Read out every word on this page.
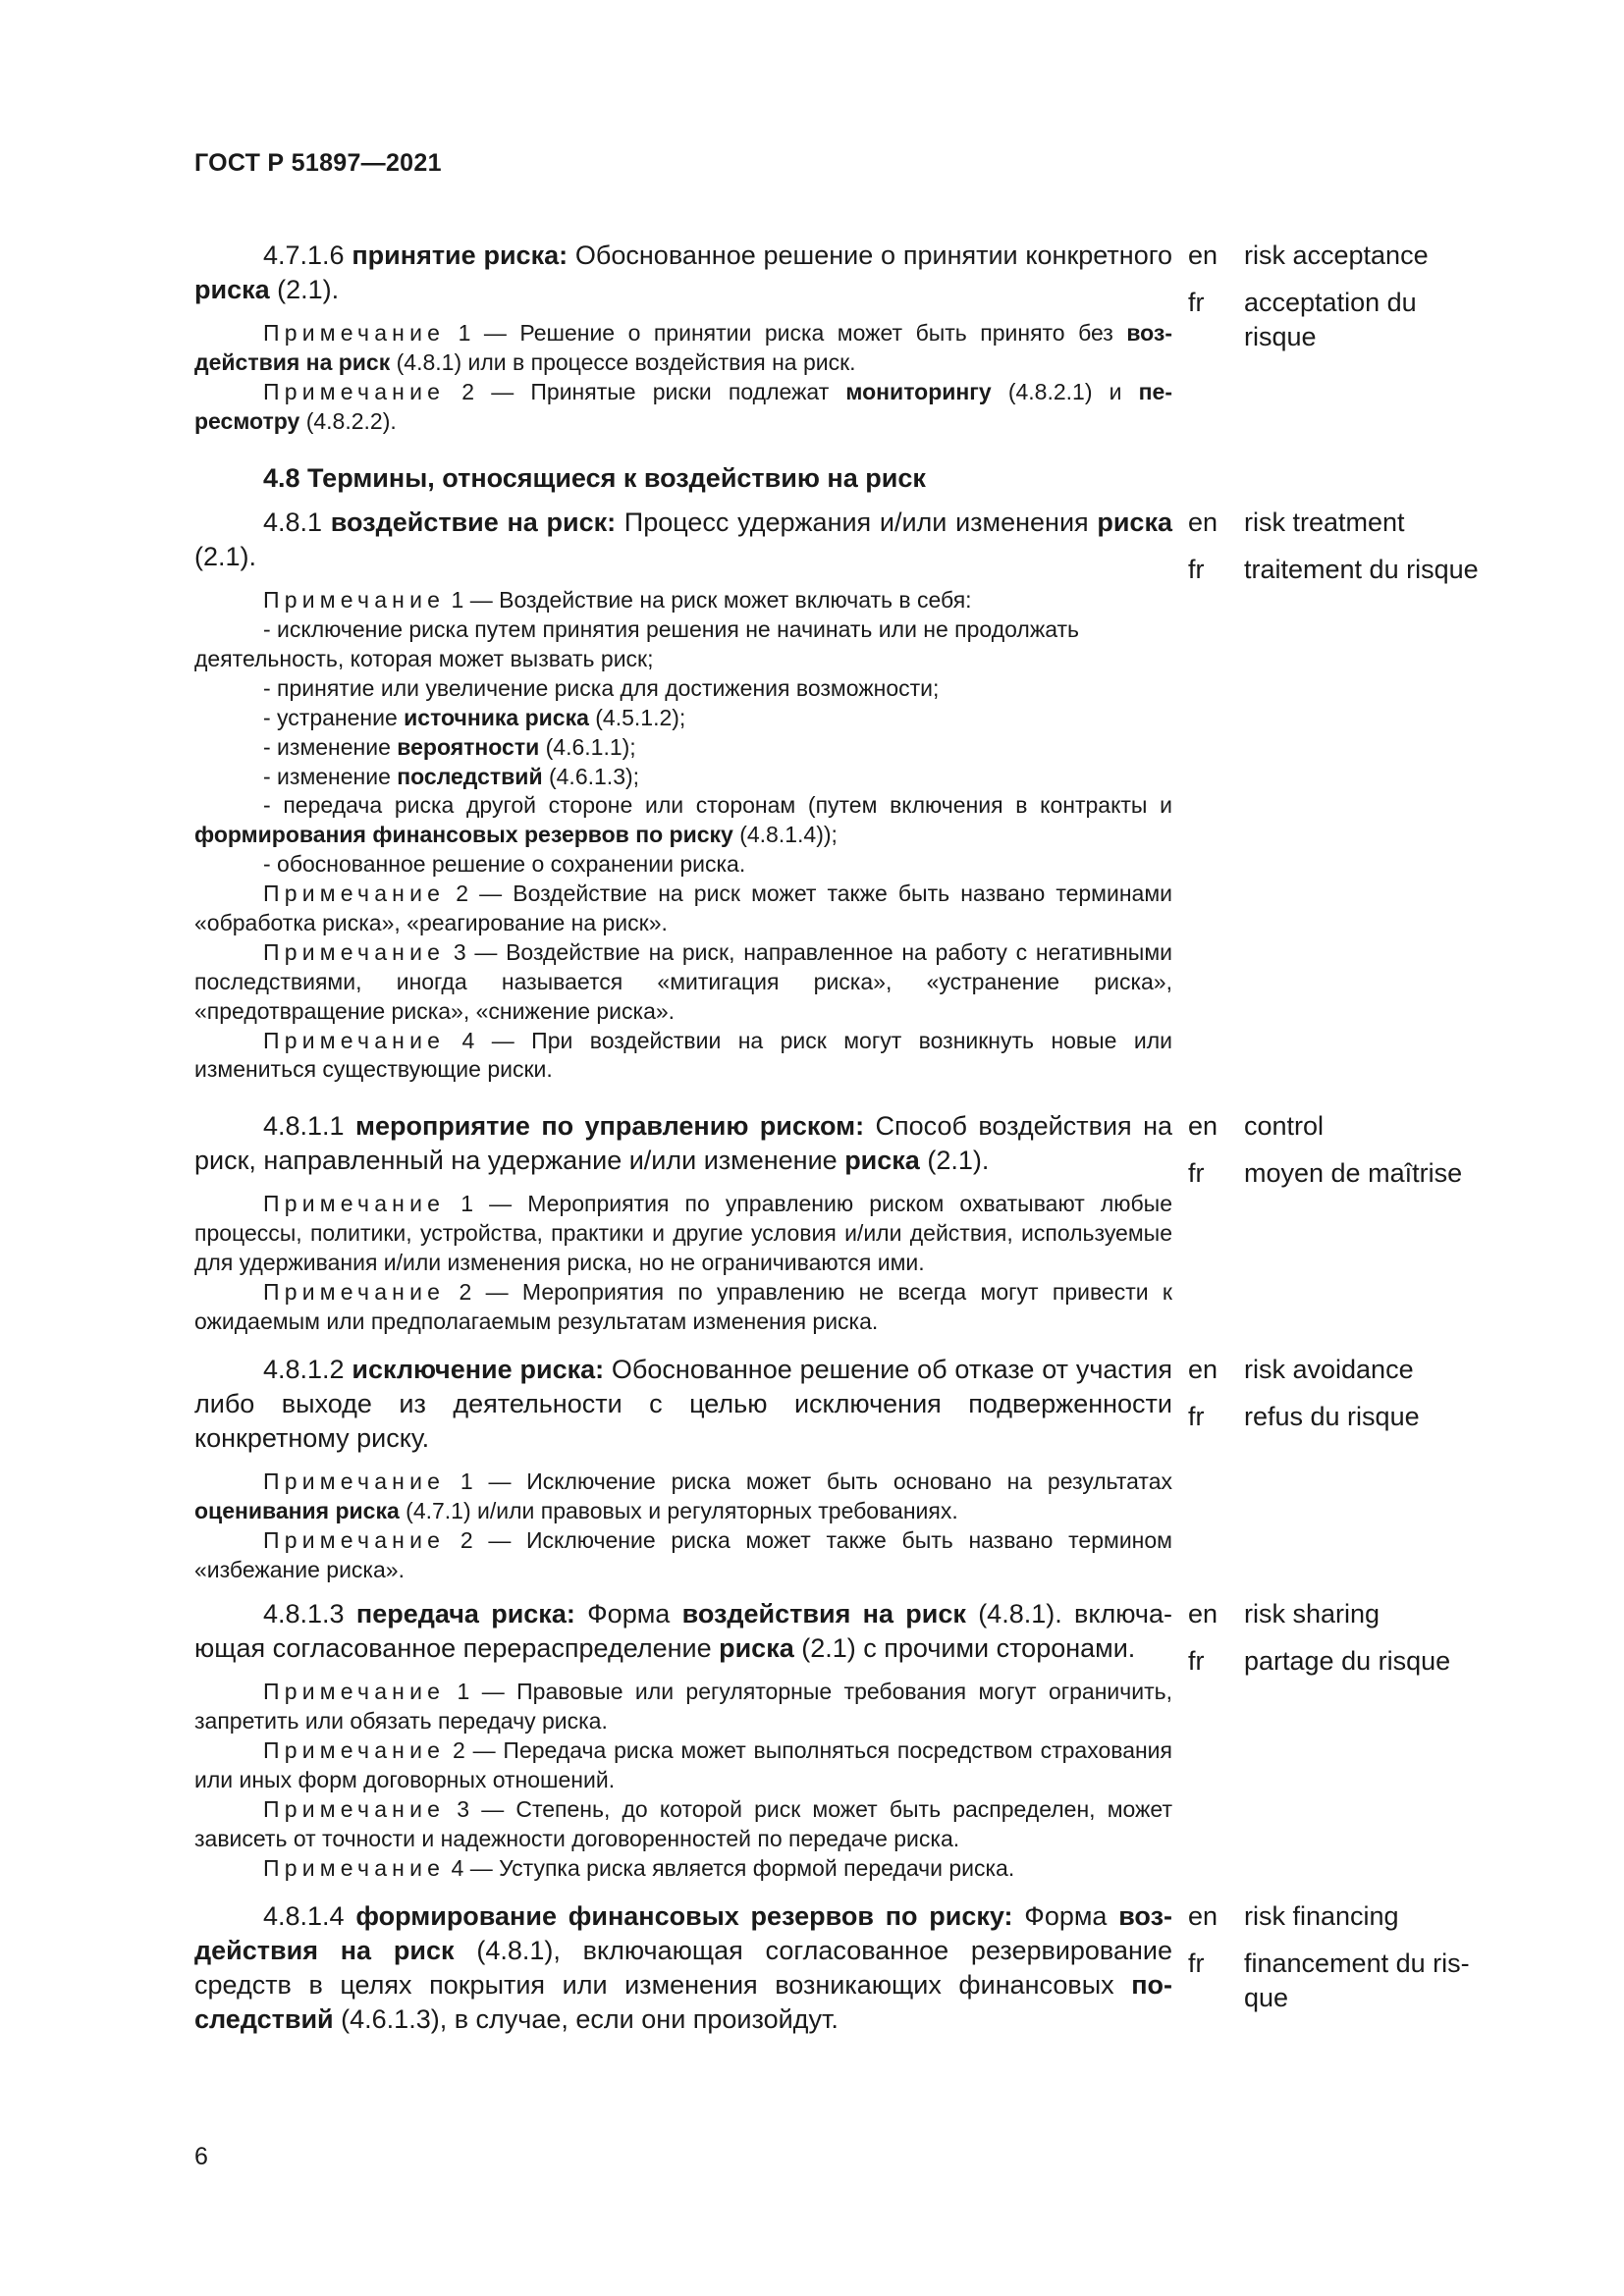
ГОСТ Р 51897—2021
4.7.1.6 принятие риска: Обоснованное решение о принятии конкретного риска (2.1).
en risk acceptance
fr	acceptation du risque

Примечание 1 — Решение о принятии риска может быть принято без воздействия на риск (4.8.1) или в процессе воздействия на риск.

Примечание 2 — Принятые риски подлежат мониторингу (4.8.2.1) и пересмотру (4.8.2.2).

4.8 Термины, относящиеся к воздействию на риск
4.8.1 воздействие на риск: Процесс удержания и/или изменения риска (2.1).
en risk treatment
fr	traitement du risque

Примечание 1 — Воздействие на риск может включать в себя:

- исключение риска путем принятия решения не начинать или не продолжать деятельность, которая может вызвать риск;

- принятие или увеличение риска для достижения возможности;

- устранение источника риска (4.5.1.2);

- изменение вероятности (4.6.1.1);

- изменение последствий (4.6.1.3);

- передача риска другой стороне или сторонам (путем включения в контракты и формирования финансовых резервов по риску (4.8.1.4));

- обоснованное решение о сохранении риска.

Примечание 2 — Воздействие на риск может также быть названо терминами «обработка риска», «реагирование на риск».

Примечание 3 — Воздействие на риск, направленное на работу с негативными последствиями, иногда называется «митигация риска», «устранение риска», «предотвращение риска», «снижение риска».

Примечание 4 — При воздействии на риск могут возникнуть новые или измениться существующие риски.

4.8.1.1 мероприятие по управлению риском: Способ воздействия на риск, направленный на удержание и/или изменение риска (2.1).
en control
fr	moyen de maîtrise

Примечание 1 — Мероприятия по управлению риском охватывают любые процессы, политики, устройства, практики и другие условия и/или действия, используемые для удерживания и/или изменения риска, но не ограничиваются ими.

Примечание 2 — Мероприятия по управлению не всегда могут привести к ожидаемым или предполагаемым результатам изменения риска.

4.8.1.2 исключение риска: Обоснованное решение об отказе от участия либо выходе из деятельности с целью исключения подверженности конкретному риску.
en risk avoidance
fr	refus du risque

Примечание 1 — Исключение риска может быть основано на результатах оценивания риска (4.7.1) и/или правовых и регуляторных требованиях.

Примечание 2 — Исключение риска может также быть названо термином «избежание риска».

4.8.1.3 передача риска: Форма воздействия на риск (4.8.1). включающая согласованное перераспределение риска (2.1) с прочими сторонами.
en risk sharing
fr	partage du risque

Примечание 1 — Правовые или регуляторные требования могут ограничить, запретить или обязать передачу риска.

Примечание 2 — Передача риска может выполняться посредством страхования или иных форм договорных отношений.

Примечание 3 — Степень, до которой риск может быть распределен, может зависеть от точности и надежности договоренностей по передаче риска.

Примечание 4 — Уступка риска является формой передачи риска.

4.8.1.4 формирование финансовых резервов по риску: Форма воздействия на риск (4.8.1), включающая согласованное резервирование средств в целях покрытия или изменения возникающих финансовых последствий (4.6.1.3), в случае, если они произойдут.
en risk financing
fr	financement du risque
6
